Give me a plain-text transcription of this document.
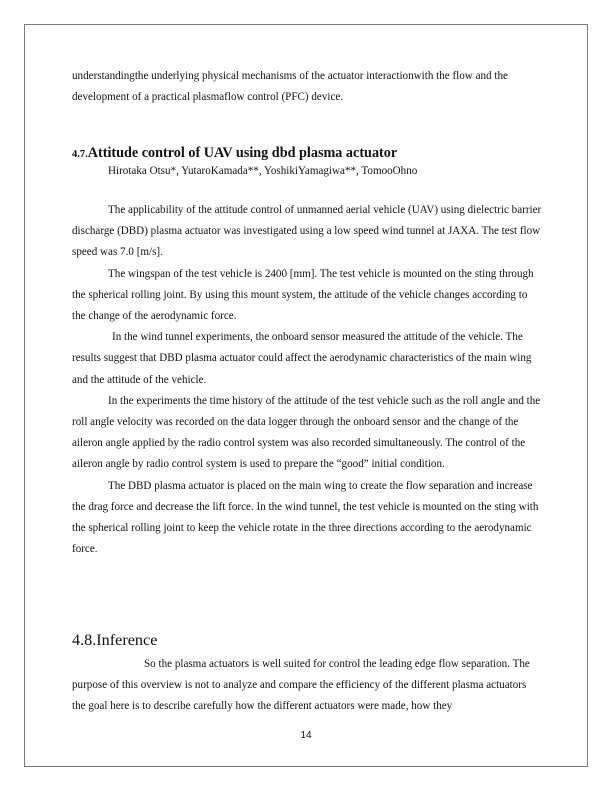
understandingthe underlying physical mechanisms of the actuator interactionwith the flow and the development of a practical plasmaflow control (PFC) device.
4.7.Attitude control of UAV using dbd plasma actuator
Hirotaka Otsu*, YutaroKamada**, YoshikiYamagiwa**, TomooOhno

The applicability of the attitude control of unmanned aerial vehicle (UAV) using dielectric barrier discharge (DBD) plasma actuator was investigated using a low speed wind tunnel at JAXA. The test flow speed was 7.0 [m/s].

The wingspan of the test vehicle is 2400 [mm]. The test vehicle is mounted on the sting through the spherical rolling joint. By using this mount system, the attitude of the vehicle changes according to the change of the aerodynamic force.

In the wind tunnel experiments, the onboard sensor measured the attitude of the vehicle. The results suggest that DBD plasma actuator could affect the aerodynamic characteristics of the main wing and the attitude of the vehicle.

In the experiments the time history of the attitude of the test vehicle such as the roll angle and the roll angle velocity was recorded on the data logger through the onboard sensor and the change of the aileron angle applied by the radio control system was also recorded simultaneously. The control of the aileron angle by radio control system is used to prepare the “good” initial condition.

The DBD plasma actuator is placed on the main wing to create the flow separation and increase the drag force and decrease the lift force. In the wind tunnel, the test vehicle is mounted on the sting with the spherical rolling joint to keep the vehicle rotate in the three directions according to the aerodynamic force.

4.8.Inference

So the plasma actuators is well suited for control the leading edge flow separation. The purpose of this overview is not to analyze and compare the efficiency of the different plasma actuators the goal here is to describe carefully how the different actuators were made, how they

14
